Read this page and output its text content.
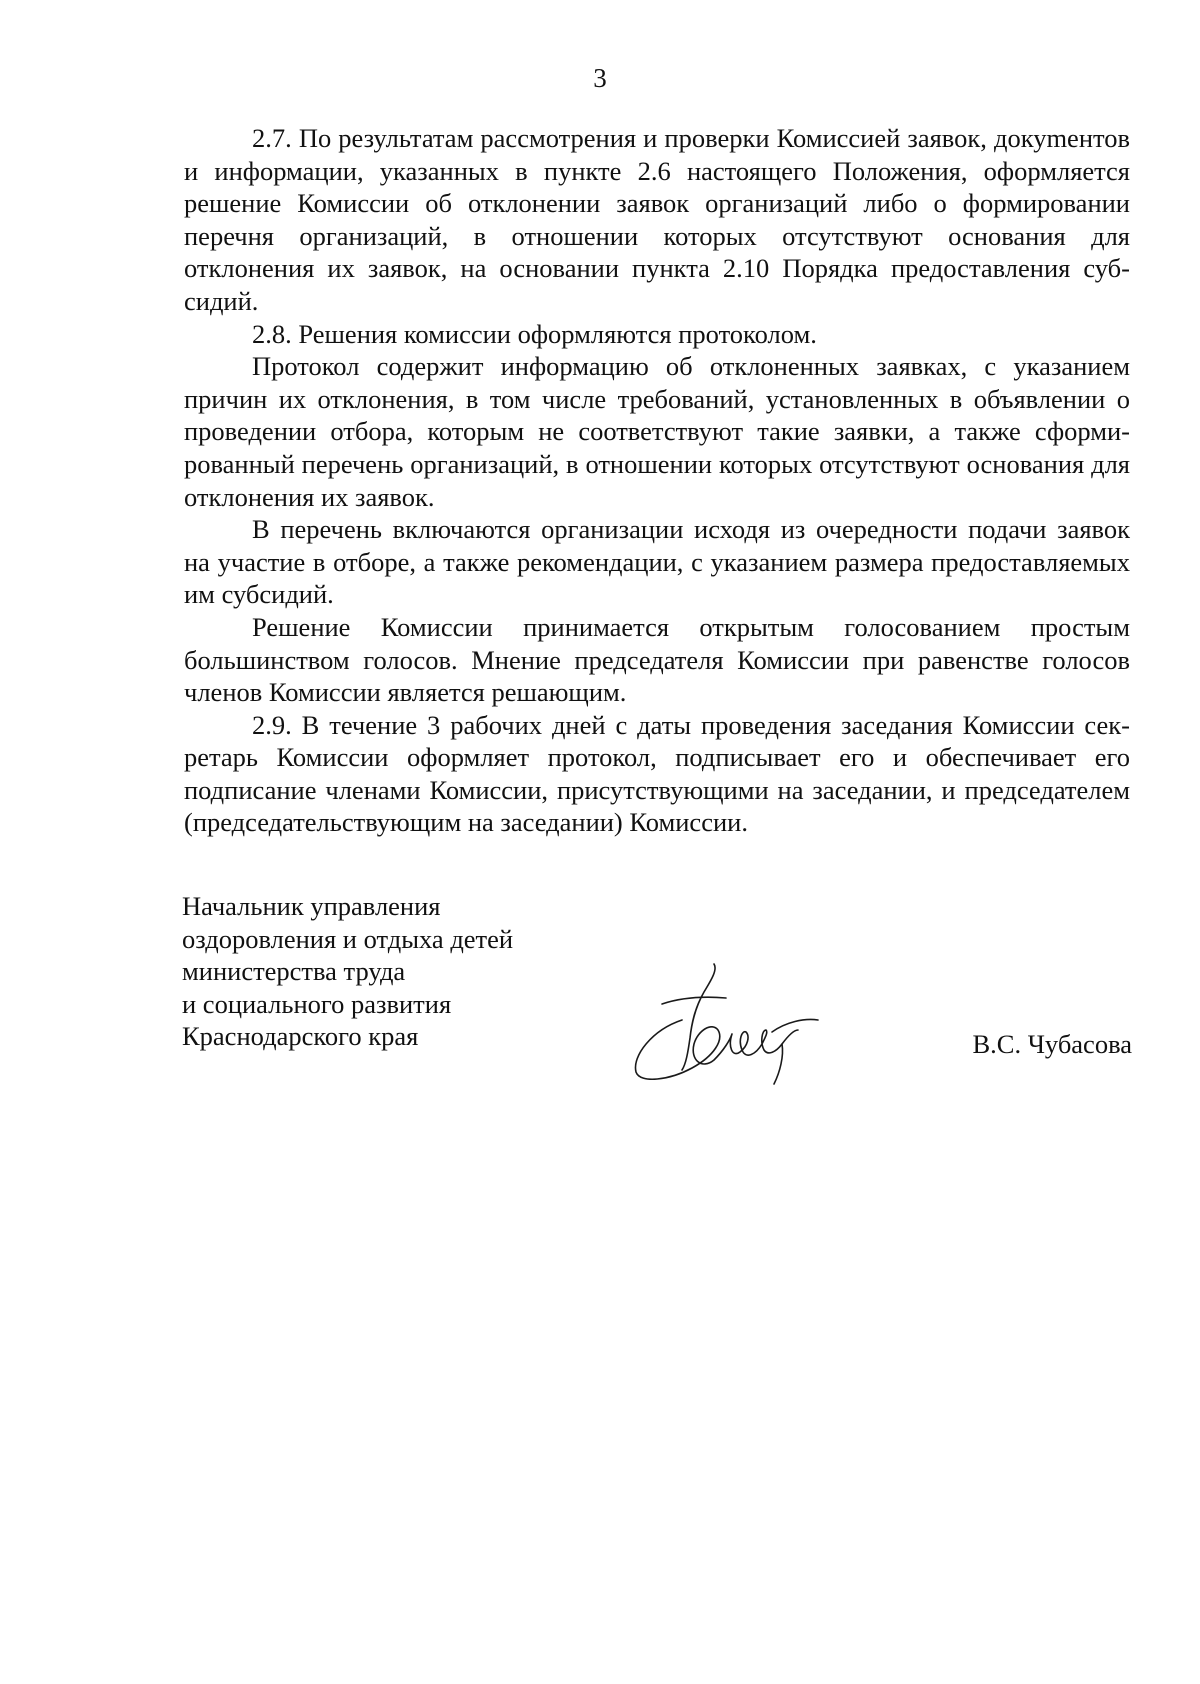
3

2.7. По результатам рассмотрения и проверки Комиссией заявок, докуmентов и информации, указанных в пункте 2.6 настоящего Положения, оформляется решение Комиссии об отклонении заявок организаций либо о формировании перечня организаций, в отношении которых отсутствуют основания для отклонения их заявок, на основании пункта 2.10 Порядка предоставления субсидий.

2.8. Решения комиссии оформляются протоколом.

Протокол содержит информацию об отклоненных заявках, с указанием причин их отклонения, в том числе требований, установленных в объявлении о проведении отбора, которым не соответствуют такие заявки, а также сформированный перечень организаций, в отношении которых отсутствуют основания для отклонения их заявок.

В перечень включаются организации исходя из очередности подачи заявок на участие в отборе, а также рекомендации, с указанием размера предоставляемых им субсидий.

Решение Комиссии принимается открытым голосованием простым большинством голосов. Мнение председателя Комиссии при равенстве голосов членов Комиссии является решающим.

2.9. В течение 3 рабочих дней с даты проведения заседания Комиссии секретарь Комиссии оформляет протокол, подписывает его и обеспечивает его подписание членами Комиссии, присутствующими на заседании, и председателем (председательствующим на заседании) Комиссии.

Начальник управления
оздоровления и отдыха детей
министерства труда
и социального развития
Краснодарского края	В.С. Чубасова
